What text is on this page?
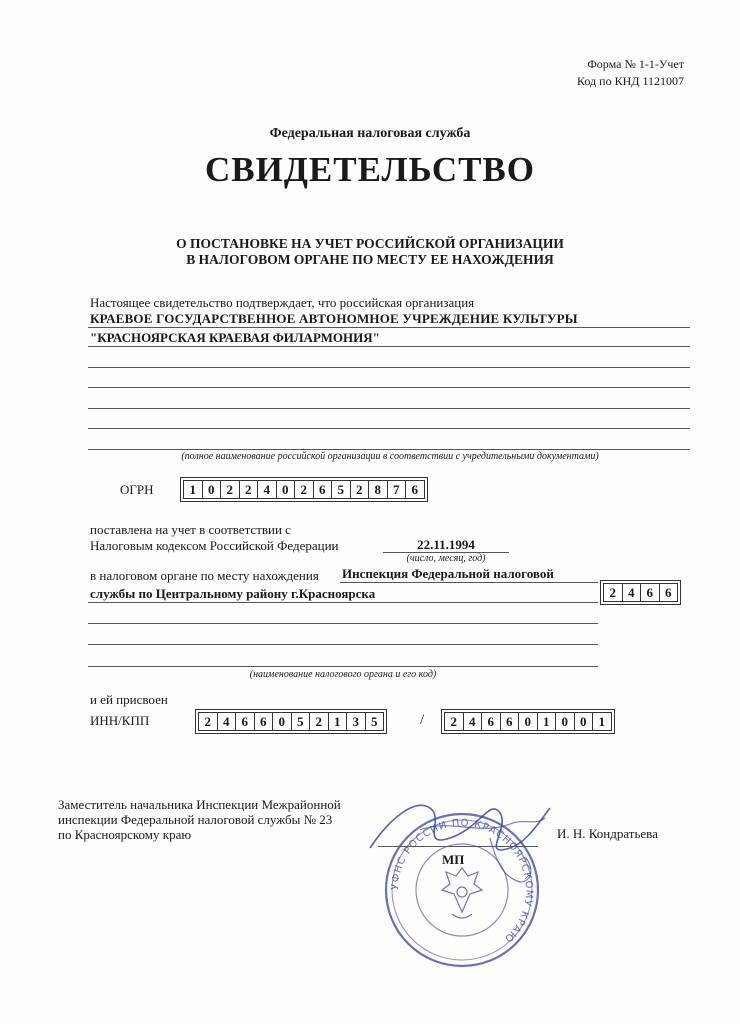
Форма № 1-1-Учет
Код по КНД 1121007
Федеральная налоговая служба
СВИДЕТЕЛЬСТВО
О ПОСТАНОВКЕ НА УЧЕТ РОССИЙСКОЙ ОРГАНИЗАЦИИ
В НАЛОГОВОМ ОРГАНЕ ПО МЕСТУ ЕЕ НАХОЖДЕНИЯ
Настоящее свидетельство подтверждает, что российская организация
КРАЕВОЕ ГОСУДАРСТВЕННОЕ АВТОНОМНОЕ УЧРЕЖДЕНИЕ КУЛЬТУРЫ
"КРАСНОЯРСКАЯ КРАЕВАЯ ФИЛАРМОНИЯ"
(полное наименование российской организации в соответствии с учредительными документами)
ОГРН	1 0 2 2 4 0 2 6 5 2 8 7 6
поставлена на учет в соответствии с
Налоговым кодексом Российской Федерации	22.11.1994
(число, месяц, год)
в налоговом органе по месту нахождения Инспекция Федеральной налоговой
службы по Центральному району г.Красноярска	2 4 6 6
(наименование налогового органа и его код)
и ей присвоен
ИНН/КПП	2 4 6 6 0 5 2 1 3 5	/	2 4 6 6 0 1 0 0 1
УФНС РОССИИ ПО КРАСНОЯРСКОМУ КРАЮ
Заместитель начальника Инспекции Межрайонной
инспекции Федеральной налоговой службы № 23
по Красноярскому краю
МП
И. Н. Кондратьева
